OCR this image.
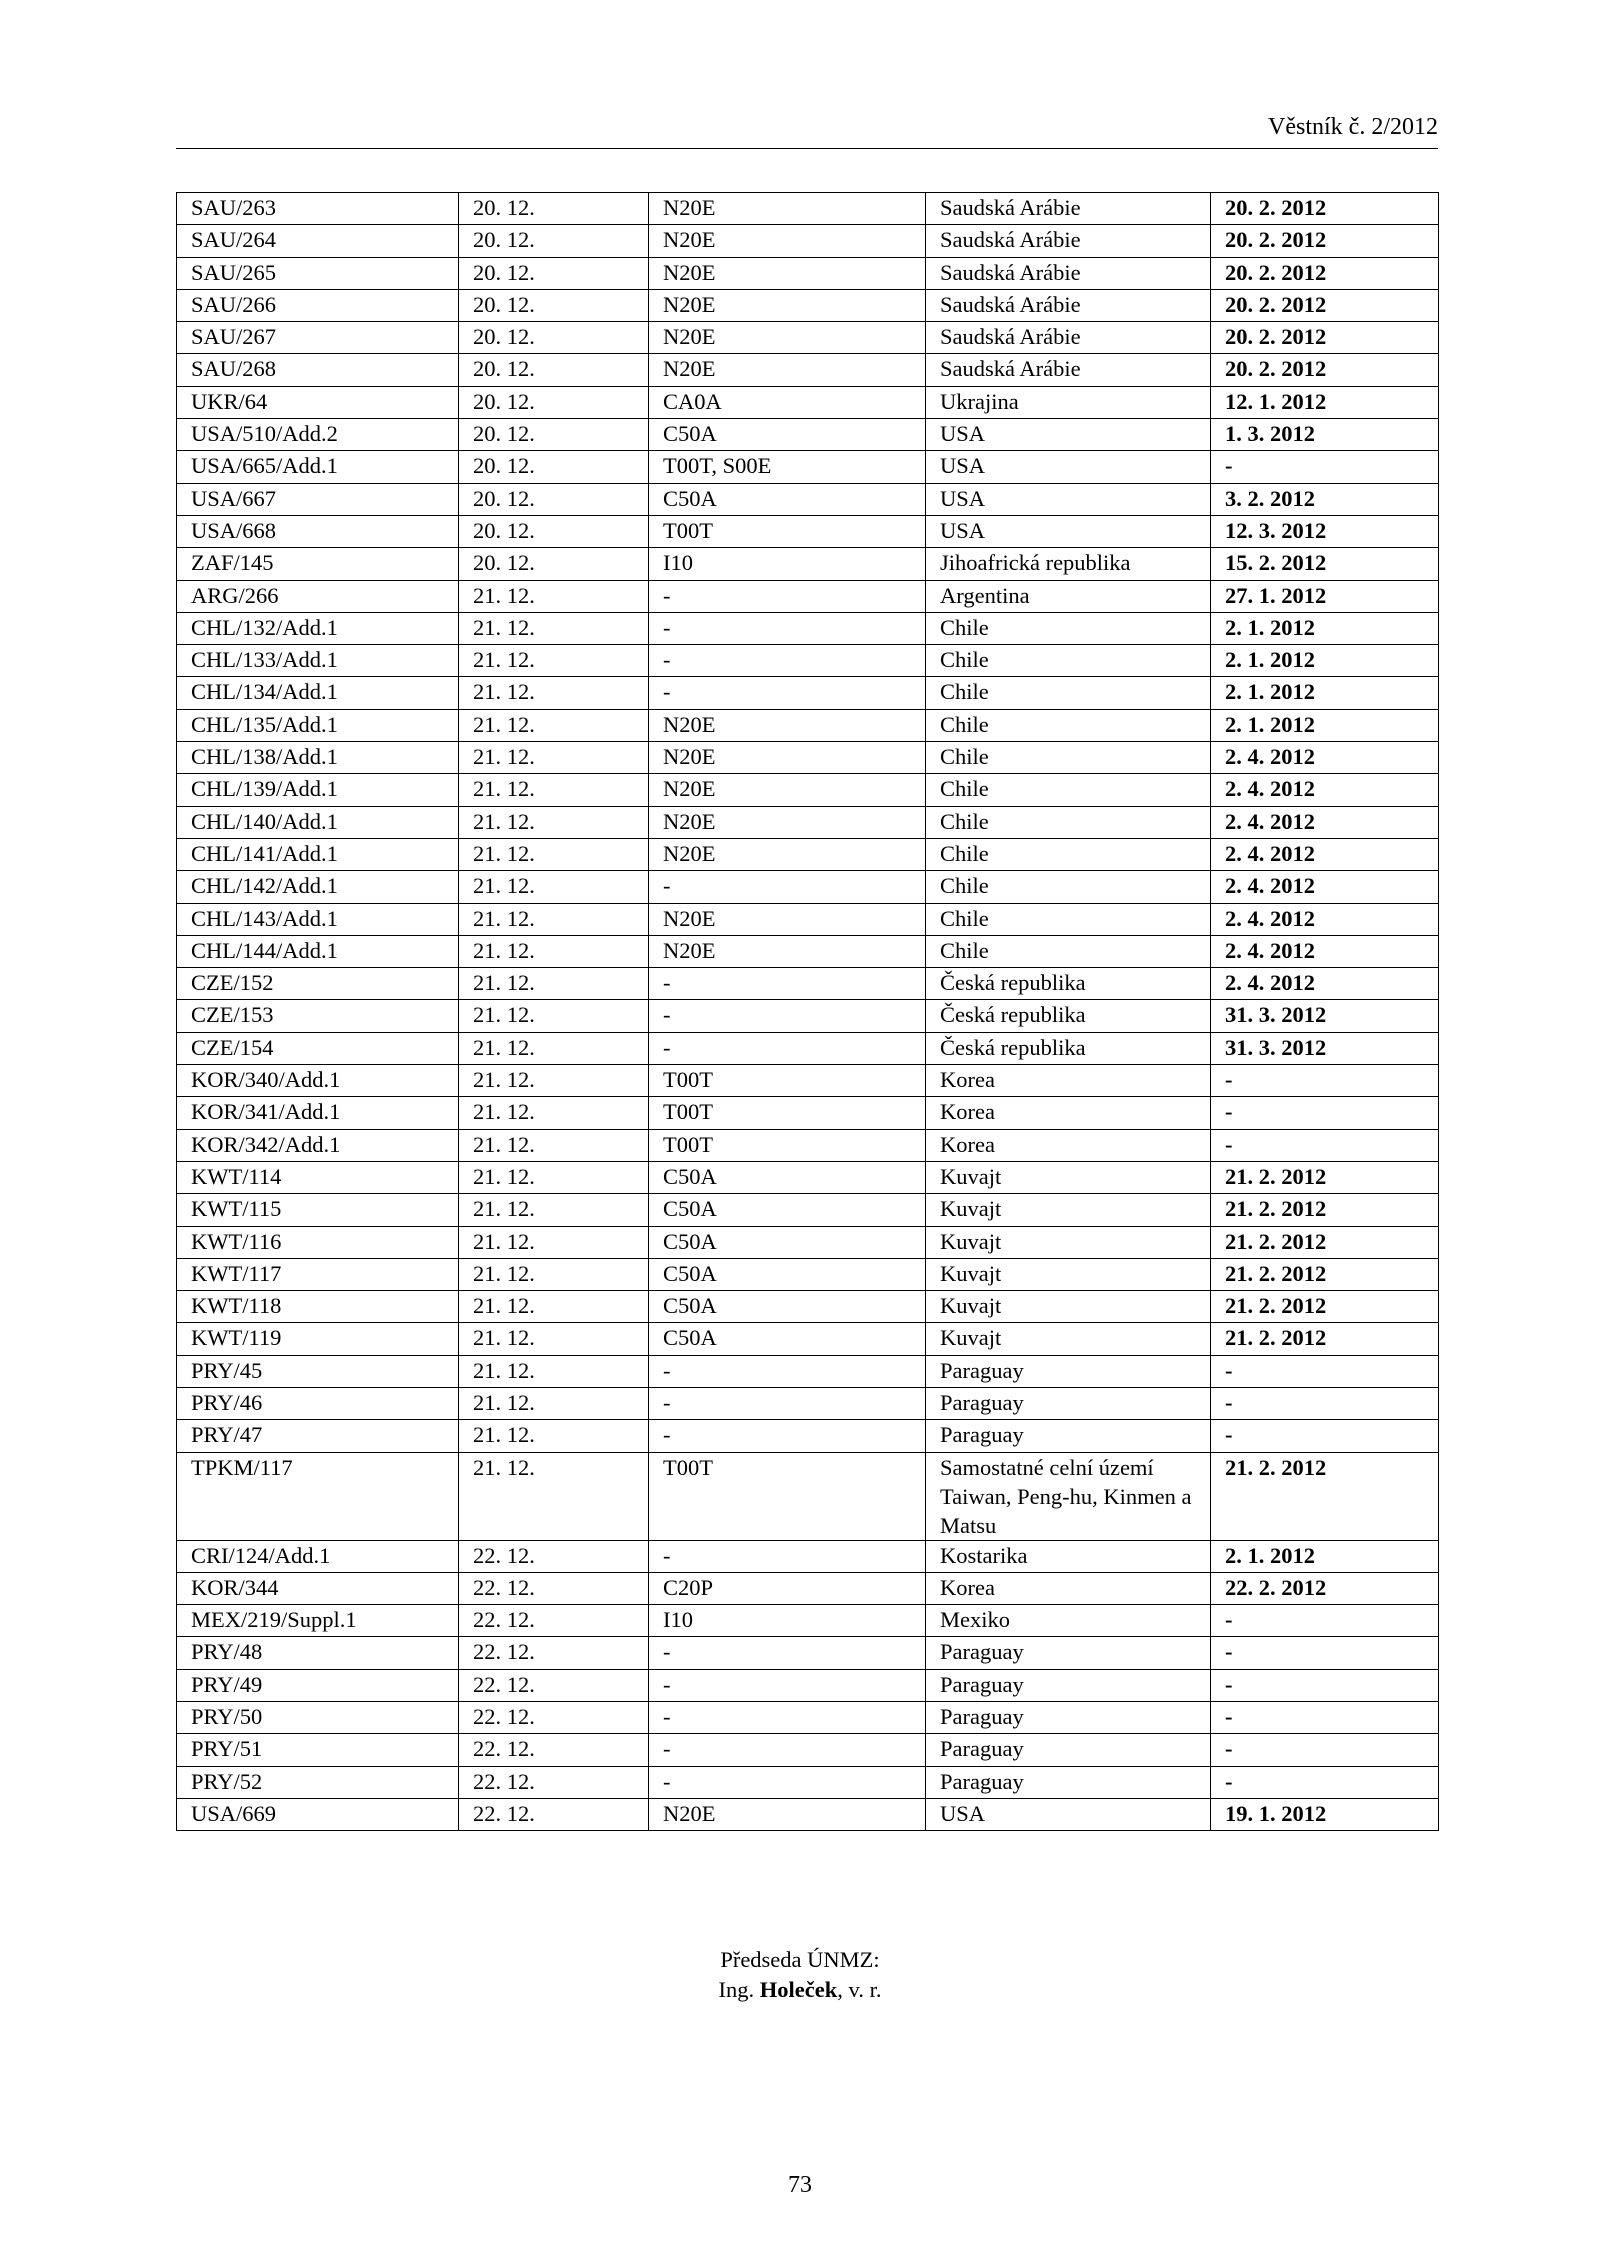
Věstník č. 2/2012
SAU/263	20. 12.	N20E	Saudská Arábie	20. 2. 2012
SAU/264	20. 12.	N20E	Saudská Arábie	20. 2. 2012
SAU/265	20. 12.	N20E	Saudská Arábie	20. 2. 2012
SAU/266	20. 12.	N20E	Saudská Arábie	20. 2. 2012
SAU/267	20. 12.	N20E	Saudská Arábie	20. 2. 2012
SAU/268	20. 12.	N20E	Saudská Arábie	20. 2. 2012
UKR/64	20. 12.	CA0A	Ukrajina	12. 1. 2012
USA/510/Add.2	20. 12.	C50A	USA	1. 3. 2012
USA/665/Add.1	20. 12.	T00T, S00E	USA	-
USA/667	20. 12.	C50A	USA	3. 2. 2012
USA/668	20. 12.	T00T	USA	12. 3. 2012
ZAF/145	20. 12.	I10	Jihoafrická republika	15. 2. 2012
ARG/266	21. 12.	-	Argentina	27. 1. 2012
CHL/132/Add.1	21. 12.	-	Chile	2. 1. 2012
CHL/133/Add.1	21. 12.	-	Chile	2. 1. 2012
CHL/134/Add.1	21. 12.	-	Chile	2. 1. 2012
CHL/135/Add.1	21. 12.	N20E	Chile	2. 1. 2012
CHL/138/Add.1	21. 12.	N20E	Chile	2. 4. 2012
CHL/139/Add.1	21. 12.	N20E	Chile	2. 4. 2012
CHL/140/Add.1	21. 12.	N20E	Chile	2. 4. 2012
CHL/141/Add.1	21. 12.	N20E	Chile	2. 4. 2012
CHL/142/Add.1	21. 12.	-	Chile	2. 4. 2012
CHL/143/Add.1	21. 12.	N20E	Chile	2. 4. 2012
CHL/144/Add.1	21. 12.	N20E	Chile	2. 4. 2012
CZE/152	21. 12.	-	Česká republika	2. 4. 2012
CZE/153	21. 12.	-	Česká republika	31. 3. 2012
CZE/154	21. 12.	-	Česká republika	31. 3. 2012
KOR/340/Add.1	21. 12.	T00T	Korea	-
KOR/341/Add.1	21. 12.	T00T	Korea	-
KOR/342/Add.1	21. 12.	T00T	Korea	-
KWT/114	21. 12.	C50A	Kuvajt	21. 2. 2012
KWT/115	21. 12.	C50A	Kuvajt	21. 2. 2012
KWT/116	21. 12.	C50A	Kuvajt	21. 2. 2012
KWT/117	21. 12.	C50A	Kuvajt	21. 2. 2012
KWT/118	21. 12.	C50A	Kuvajt	21. 2. 2012
KWT/119	21. 12.	C50A	Kuvajt	21. 2. 2012
PRY/45	21. 12.	-	Paraguay	-
PRY/46	21. 12.	-	Paraguay	-
PRY/47	21. 12.	-	Paraguay	-
TPKM/117	21. 12.	T00T	Samostatné celní území Taiwan, Peng-hu, Kinmen a Matsu	21. 2. 2012
CRI/124/Add.1	22. 12.	-	Kostarika	2. 1. 2012
KOR/344	22. 12.	C20P	Korea	22. 2. 2012
MEX/219/Suppl.1	22. 12.	I10	Mexiko	-
PRY/48	22. 12.	-	Paraguay	-
PRY/49	22. 12.	-	Paraguay	-
PRY/50	22. 12.	-	Paraguay	-
PRY/51	22. 12.	-	Paraguay	-
PRY/52	22. 12.	-	Paraguay	-
USA/669	22. 12.	N20E	USA	19. 1. 2012
Předseda ÚNMZ:
Ing. Holeček, v. r.
73
